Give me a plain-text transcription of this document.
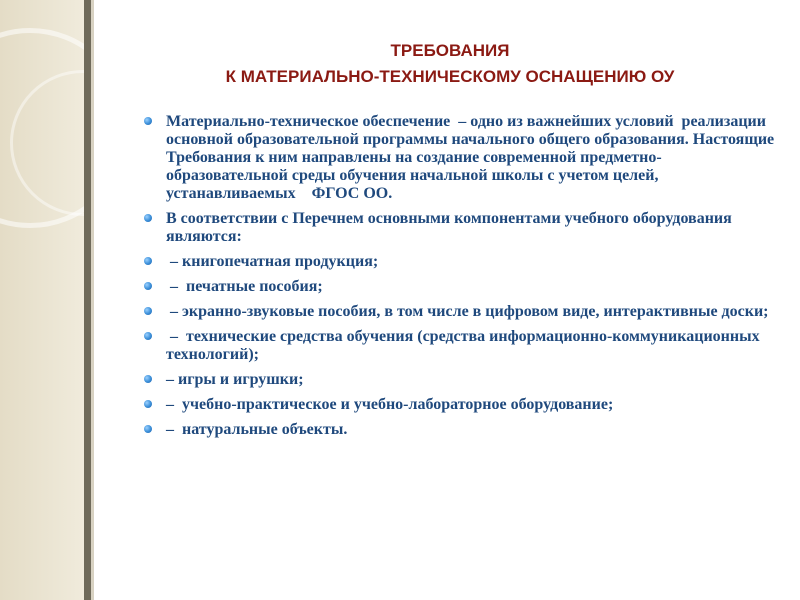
ТРЕБОВАНИЯ
К МАТЕРИАЛЬНО-ТЕХНИЧЕСКОМУ ОСНАЩЕНИЮ ОУ
Материально-техническое обеспечение  – одно из важнейших условий  реализации основной образовательной программы начального общего образования. Настоящие Требования к ним направлены на создание современной предметно-образовательной среды обучения начальной школы с учетом целей, устанавливаемых    ФГОС ОО.
В соответствии с Перечнем основными компонентами учебного оборудования являются:
– книгопечатная продукция;
–  печатные пособия;
– экранно-звуковые пособия, в том числе в цифровом виде, интерактивные доски;
–  технические средства обучения (средства информационно-коммуникационных технологий);
– игры и игрушки;
–  учебно-практическое и учебно-лабораторное оборудование;
–  натуральные объекты.
